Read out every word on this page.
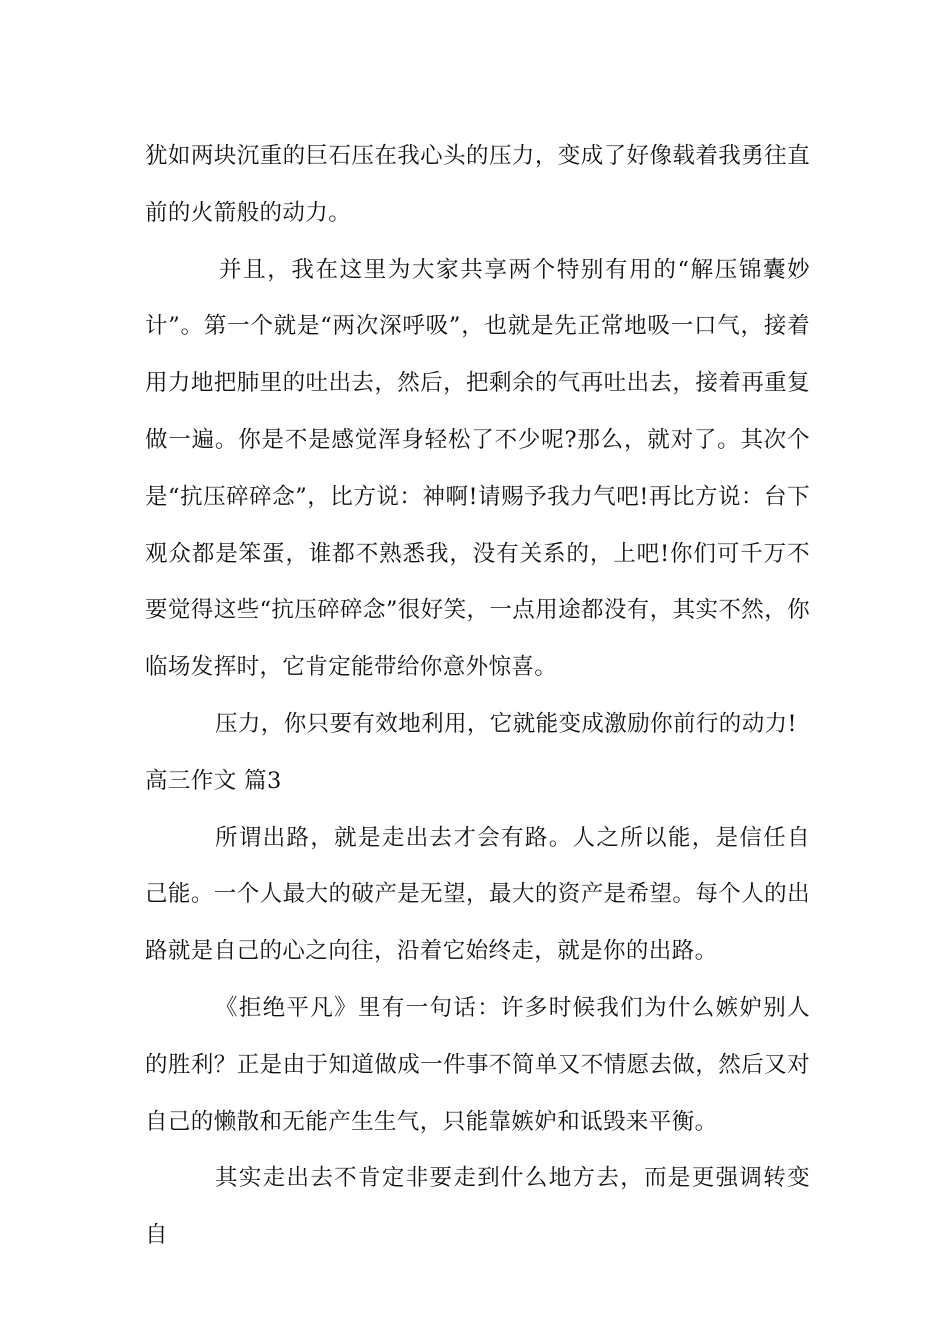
犹如两块沉重的巨石压在我心头的压力，变成了好像载着我勇往直前的火箭般的动力。

并且，我在这里为大家共享两个特别有用的“解压锦囊妙计”。第一个就是“两次深呼吸”，也就是先正常地吸一口气，接着用力地把肺里的吐出去，然后，把剩余的气再吐出去，接着再重复做一遍。你是不是感觉浑身轻松了不少呢?那么，就对了。其次个是“抗压碎碎念”，比方说：神啊!请赐予我力气吧!再比方说：台下观众都是笨蛋，谁都不熟悉我，没有关系的，上吧!你们可千万不要觉得这些“抗压碎碎念”很好笑，一点用途都没有，其实不然，你临场发挥时，它肯定能带给你意外惊喜。

压力，你只要有效地利用，它就能变成激励你前行的动力!

高三作文 篇3

所谓出路，就是走出去才会有路。人之所以能，是信任自己能。一个人最大的破产是无望，最大的资产是希望。每个人的出路就是自己的心之向往，沿着它始终走，就是你的出路。

《拒绝平凡》里有一句话：许多时候我们为什么嫉妒别人的胜利？正是由于知道做成一件事不简单又不情愿去做，然后又对自己的懒散和无能产生生气，只能靠嫉妒和诋毁来平衡。

其实走出去不肯定非要走到什么地方去，而是更强调转变自
